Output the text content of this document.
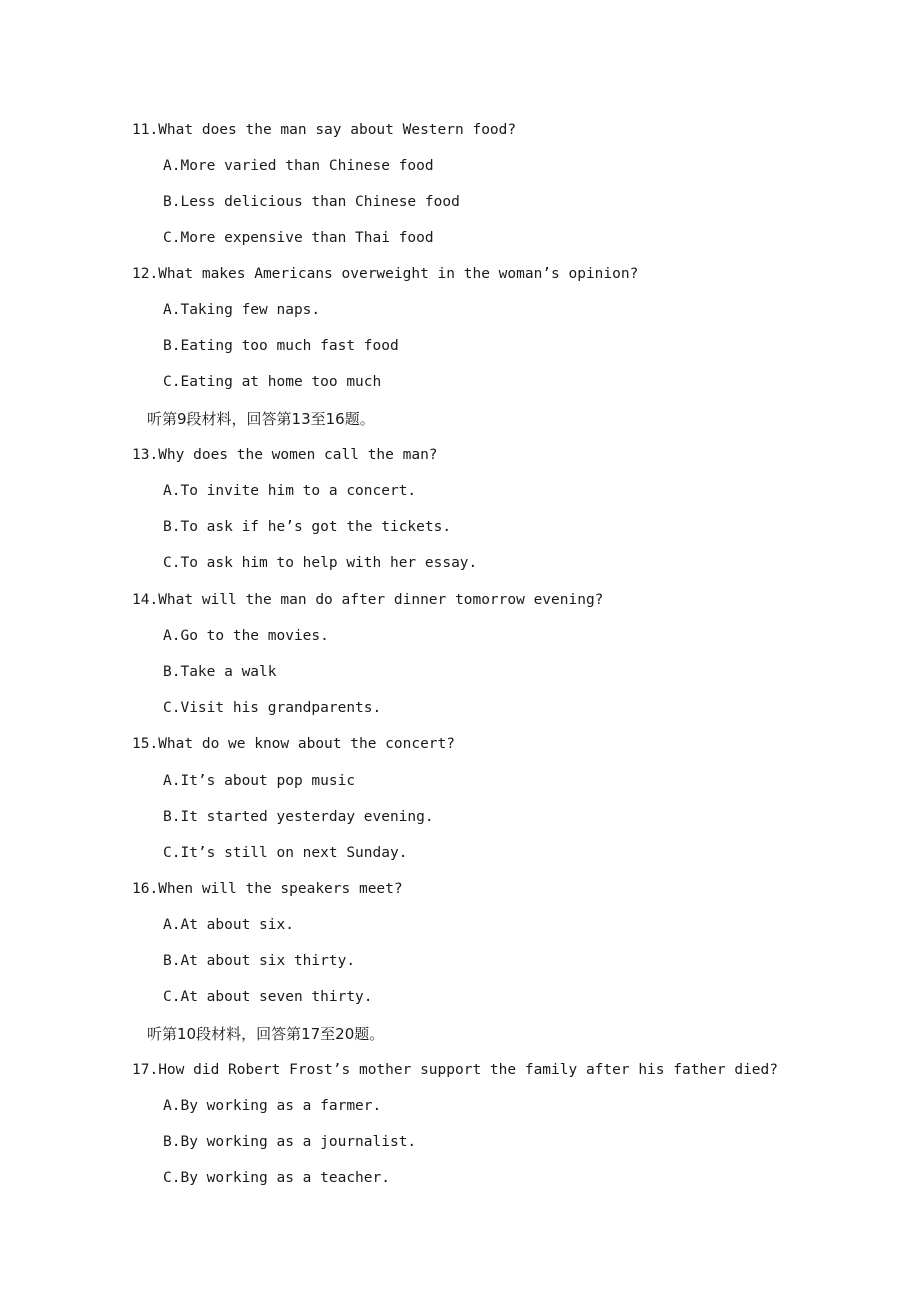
11.What does the man say about Western food?
A.More varied than Chinese food
B.Less delicious than Chinese food
C.More expensive than Thai food
12.What makes Americans overweight in the woman’s opinion?
A.Taking few naps.
B.Eating too much fast food
C.Eating at home too much
听第9段材料，回答第13至16题。
13.Why does the women call the man?
A.To invite him to a concert.
B.To ask if he’s got the tickets.
C.To ask him to help with her essay.
14.What will the man do after dinner tomorrow evening?
A.Go to the movies.
B.Take a walk
C.Visit his grandparents.
15.What do we know about the concert?
A.It’s about pop music
B.It started yesterday evening.
C.It’s still on next Sunday.
16.When will the speakers meet?
A.At about six.
B.At about six thirty.
C.At about seven thirty.
听第10段材料，回答第17至20题。
17.How did Robert Frost’s mother support the family after his father died?
A.By working as a farmer.
B.By working as a journalist.
C.By working as a teacher.
